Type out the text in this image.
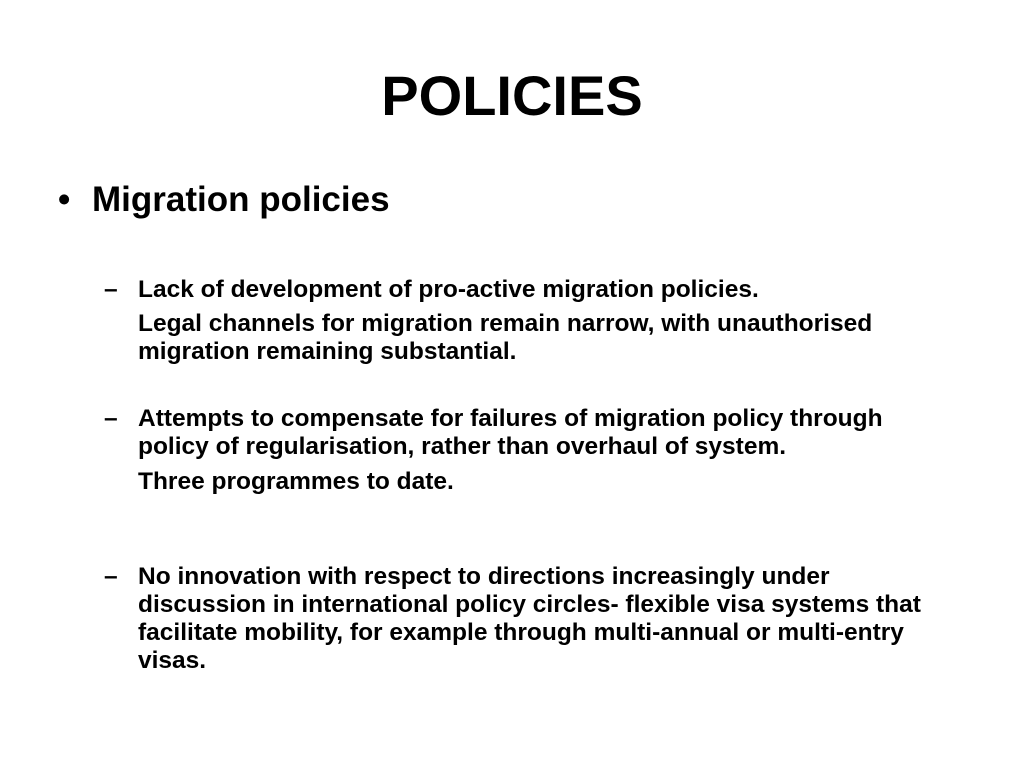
POLICIES
• Migration policies
– Lack of development of pro-active migration policies.

Legal channels for migration remain narrow, with unauthorised migration remaining substantial.

– Attempts to compensate for failures of migration policy through policy of regularisation, rather than overhaul of system.

Three programmes to date.

– No innovation with respect to directions increasingly under discussion in international policy circles- flexible visa systems that facilitate mobility, for example through multi-annual or multi-entry visas.
